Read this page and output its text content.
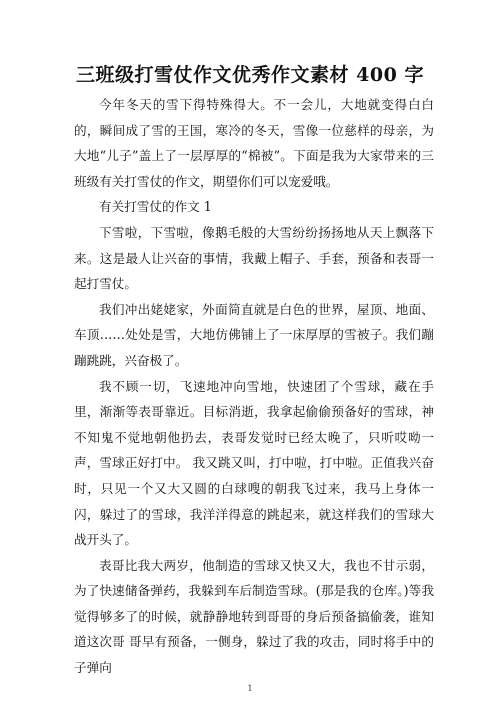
三班级打雪仗作文优秀作文素材 400 字

今年冬天的雪下得特殊得大。不一会儿，大地就变得白白的，瞬间成了雪的王国，寒冷的冬天，雪像一位慈样的母亲，为大地“儿子”盖上了一层厚厚的“棉被”。下面是我为大家带来的三班级有关打雪仗的作文，期望你们可以宠爱哦。

有关打雪仗的作文 1

下雪啦，下雪啦，像鹅毛般的大雪纷纷扬扬地从天上飘落下来。这是最人让兴奋的事情，我戴上帽子、手套，预备和表哥一起打雪仗。

我们冲出姥姥家，外面简直就是白色的世界，屋顶、地面、车顶……处处是雪，大地仿佛铺上了一床厚厚的雪被子。我们蹦蹦跳跳，兴奋极了。

我不顾一切，飞速地冲向雪地，快速团了个雪球，藏在手里，渐渐等表哥靠近。目标消逝，我拿起偷偷预备好的雪球，神不知鬼不觉地朝他扔去，表哥发觉时已经太晚了，只听哎呦一声，雪球正好打中。 我又跳又叫，打中啦，打中啦。正值我兴奋时，只见一个又大又圆的白球嗖的朝我飞过来，我马上身体一闪，躲过了的雪球，我洋洋得意的跳起来，就这样我们的雪球大战开头了。

表哥比我大两岁，他制造的雪球又快又大，我也不甘示弱，为了快速储备弹药，我躲到车后制造雪球。(那是我的仓库。)等我觉得够多了的时候，就静静地转到哥哥的身后预备搞偷袭，谁知道这次哥 哥早有预备，一侧身，躲过了我的攻击，同时将手中的子弹向

1
